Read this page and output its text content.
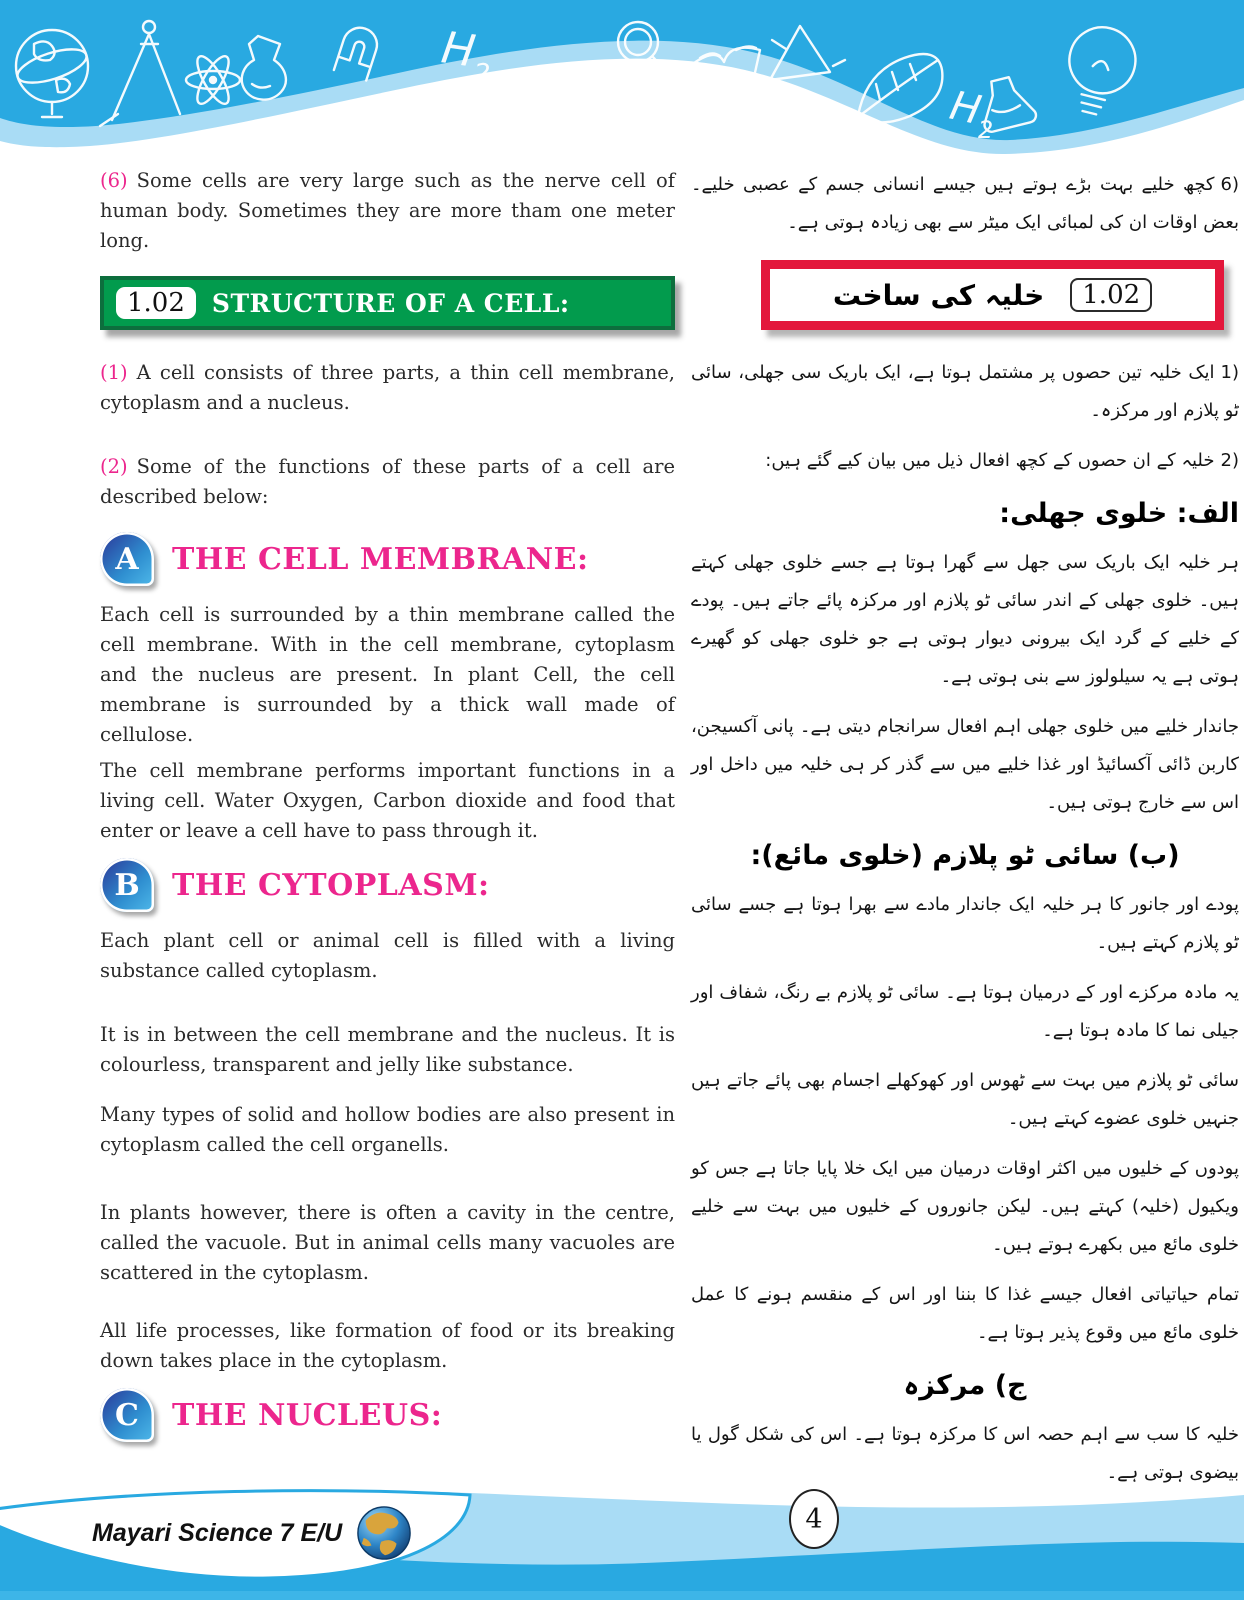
H
2
H
2

(6) Some cells are very large such as the nerve cell of human body. Sometimes they are more tham one meter long.

1.02	STRUCTURE OF A CELL:

(1) A cell consists of three parts, a thin cell membrane, cytoplasm and a nucleus.

(2) Some of the functions of these parts of a cell are described below:

A	THE CELL MEMBRANE:

Each cell is surrounded by a thin membrane called the cell membrane. With in the cell membrane, cytoplasm and the nucleus are present. In plant Cell, the cell membrane is surrounded by a thick wall made of cellulose.

The cell membrane performs important functions in a living cell. Water Oxygen, Carbon dioxide and food that enter or leave a cell have to pass through it.

B	THE CYTOPLASM:

Each plant cell or animal cell is filled with a living substance called cytoplasm.

It is in between the cell membrane and the nucleus. It is colourless, transparent and jelly like substance.

Many types of solid and hollow bodies are also present in cytoplasm called the cell organells.

In plants however, there is often a cavity in the centre, called the vacuole. But in animal cells many vacuoles are scattered in the cytoplasm.

All life processes, like formation of food or its breaking down takes place in the cytoplasm.

C	THE NUCLEUS:

6)کچھ خلیے بہت بڑے ہوتے ہیں جیسے انسانی جسم کے عصبی خلیے۔ بعض اوقات ان کی لمبائی ایک میٹر سے بھی زیادہ ہوتی ہے۔

1.02
خلیہ کی ساخت

1)ایک خلیہ تین حصوں پر مشتمل ہوتا ہے، ایک باریک سی جھلی، سائی ٹو پلازم اور مرکزہ۔

2)خلیہ کے ان حصوں کے کچھ افعال ذیل میں بیان کیے گئے ہیں:

الف: خلوی جھلی:

ہر خلیہ ایک باریک سی جھل سے گھرا ہوتا ہے جسے خلوی جھلی کہتے ہیں۔ خلوی جھلی کے اندر سائی ٹو پلازم اور مرکزہ پائے جاتے ہیں۔ پودے کے خلیے کے گرد ایک بیرونی دیوار ہوتی ہے جو خلوی جھلی کو گھیرے ہوتی ہے یہ سیلولوز سے بنی ہوتی ہے۔

جاندار خلیے میں خلوی جھلی اہم افعال سرانجام دیتی ہے۔ پانی آکسیجن، کاربن ڈائی آکسائیڈ اور غذا خلیے میں سے گذر کر ہی خلیہ میں داخل اور اس سے خارج ہوتی ہیں۔

(ب) سائی ٹو پلازم (خلوی مائع):

پودے اور جانور کا ہر خلیہ ایک جاندار مادے سے بھرا ہوتا ہے جسے سائی ٹو پلازم کہتے ہیں۔

یہ مادہ مرکزے اور کے درمیان ہوتا ہے۔ سائی ٹو پلازم بے رنگ، شفاف اور جیلی نما کا مادہ ہوتا ہے۔

سائی ٹو پلازم میں بہت سے ٹھوس اور کھوکھلے اجسام بھی پائے جاتے ہیں جنہیں خلوی عضوے کہتے ہیں۔

پودوں کے خلیوں میں اکثر اوقات درمیان میں ایک خلا پایا جاتا ہے جس کو ویکیول (خلیہ) کہتے ہیں۔ لیکن جانوروں کے خلیوں میں بہت سے خلیے خلوی مائع میں بکھرے ہوتے ہیں۔

تمام حیاتیاتی افعال جیسے غذا کا بننا اور اس کے منقسم ہونے کا عمل خلوی مائع میں وقوع پذیر ہوتا ہے۔

ج) مرکزہ

خلیہ کا سب سے اہم حصہ اس کا مرکزہ ہوتا ہے۔ اس کی شکل گول یا بیضوی ہوتی ہے۔

Mayari Science 7 E/U	4
